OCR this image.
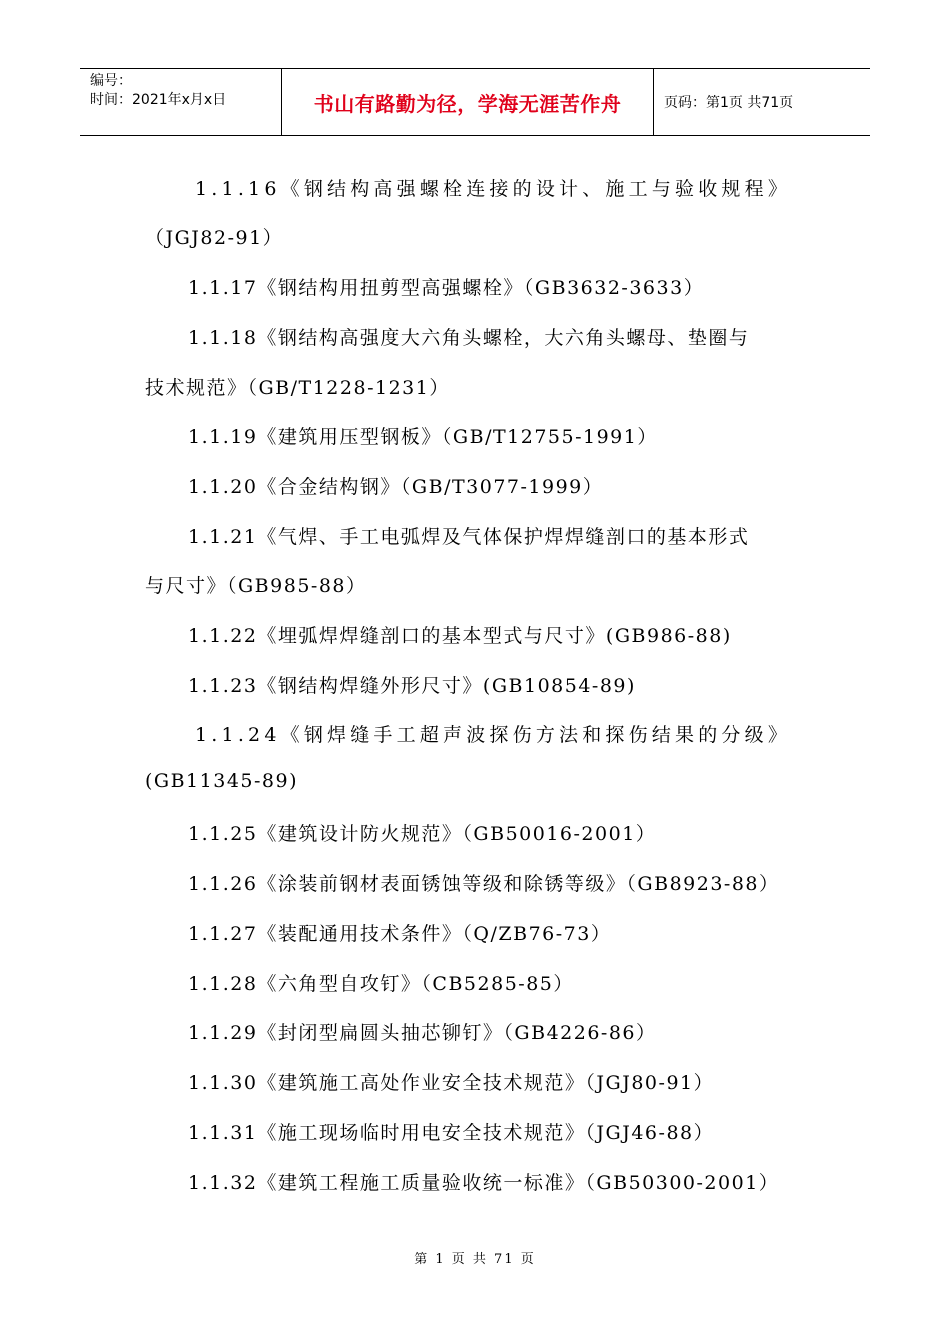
编号：
时间：2021年x月x日	书山有路勤为径，学海无涯苦作舟	页码：第1页 共71页
1.1.16《钢结构高强螺栓连接的设计、施工与验收规程》
（JGJ82-91）
1.1.17《钢结构用扭剪型高强螺栓》（GB3632-3633）
1.1.18《钢结构高强度大六角头螺栓，大六角头螺母、垫圈与
技术规范》（GB/T1228-1231）
1.1.19《建筑用压型钢板》（GB/T12755-1991）
1.1.20《合金结构钢》（GB/T3077-1999）
1.1.21《气焊、手工电弧焊及气体保护焊焊缝剖口的基本形式
与尺寸》（GB985-88）
1.1.22《埋弧焊焊缝剖口的基本型式与尺寸》(GB986-88)
1.1.23《钢结构焊缝外形尺寸》(GB10854-89)
1.1.24《钢焊缝手工超声波探伤方法和探伤结果的分级》
(GB11345-89)
1.1.25《建筑设计防火规范》（GB50016-2001）
1.1.26《涂装前钢材表面锈蚀等级和除锈等级》（GB8923-88）
1.1.27《装配通用技术条件》（Q/ZB76-73）
1.1.28《六角型自攻钉》（CB5285-85）
1.1.29《封闭型扁圆头抽芯铆钉》（GB4226-86）
1.1.30《建筑施工高处作业安全技术规范》（JGJ80-91）
1.1.31《施工现场临时用电安全技术规范》（JGJ46-88）
1.1.32《建筑工程施工质量验收统一标准》（GB50300-2001）
第 1 页 共 71 页
